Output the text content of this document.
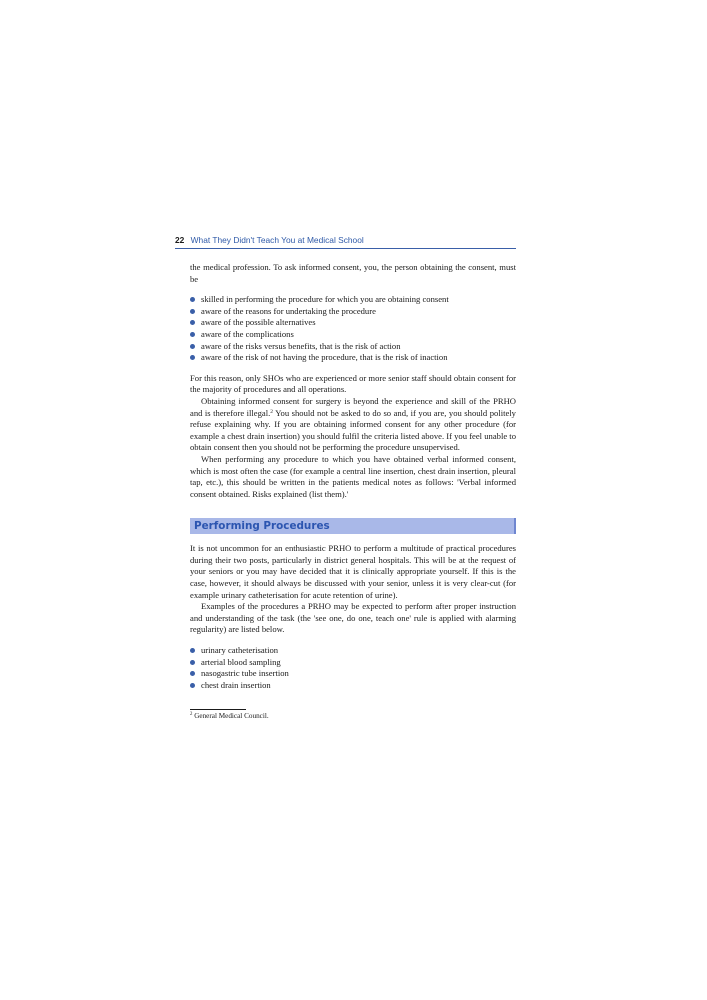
22 What They Didn't Teach You at Medical School

the medical profession. To ask informed consent, you, the person obtaining the consent, must be

skilled in performing the procedure for which you are obtaining consent
aware of the reasons for undertaking the procedure
aware of the possible alternatives
aware of the complications
aware of the risks versus benefits, that is the risk of action
aware of the risk of not having the procedure, that is the risk of inaction

For this reason, only SHOs who are experienced or more senior staff should obtain consent for the majority of procedures and all operations.

Obtaining informed consent for surgery is beyond the experience and skill of the PRHO and is therefore illegal.$^2$ You should not be asked to do so and, if you are, you should politely refuse explaining why. If you are obtaining informed consent for any other procedure (for example a chest drain insertion) you should fulfil the criteria listed above. If you feel unable to obtain consent then you should not be performing the procedure unsupervised.

When performing any procedure to which you have obtained verbal informed consent, which is most often the case (for example a central line insertion, chest drain insertion, pleural tap, etc.), this should be written in the patients medical notes as follows: 'Verbal informed consent obtained. Risks explained (list them).'

Performing Procedures

It is not uncommon for an enthusiastic PRHO to perform a multitude of practical procedures during their two posts, particularly in district general hospitals. This will be at the request of your seniors or you may have decided that it is clinically appropriate yourself. If this is the case, however, it should always be discussed with your senior, unless it is very clear-cut (for example urinary catheterisation for acute retention of urine).

Examples of the procedures a PRHO may be expected to perform after proper instruction and understanding of the task (the 'see one, do one, teach one' rule is applied with alarming regularity) are listed below.

urinary catheterisation
arterial blood sampling
nasogastric tube insertion
chest drain insertion
$^2$ General Medical Council.
